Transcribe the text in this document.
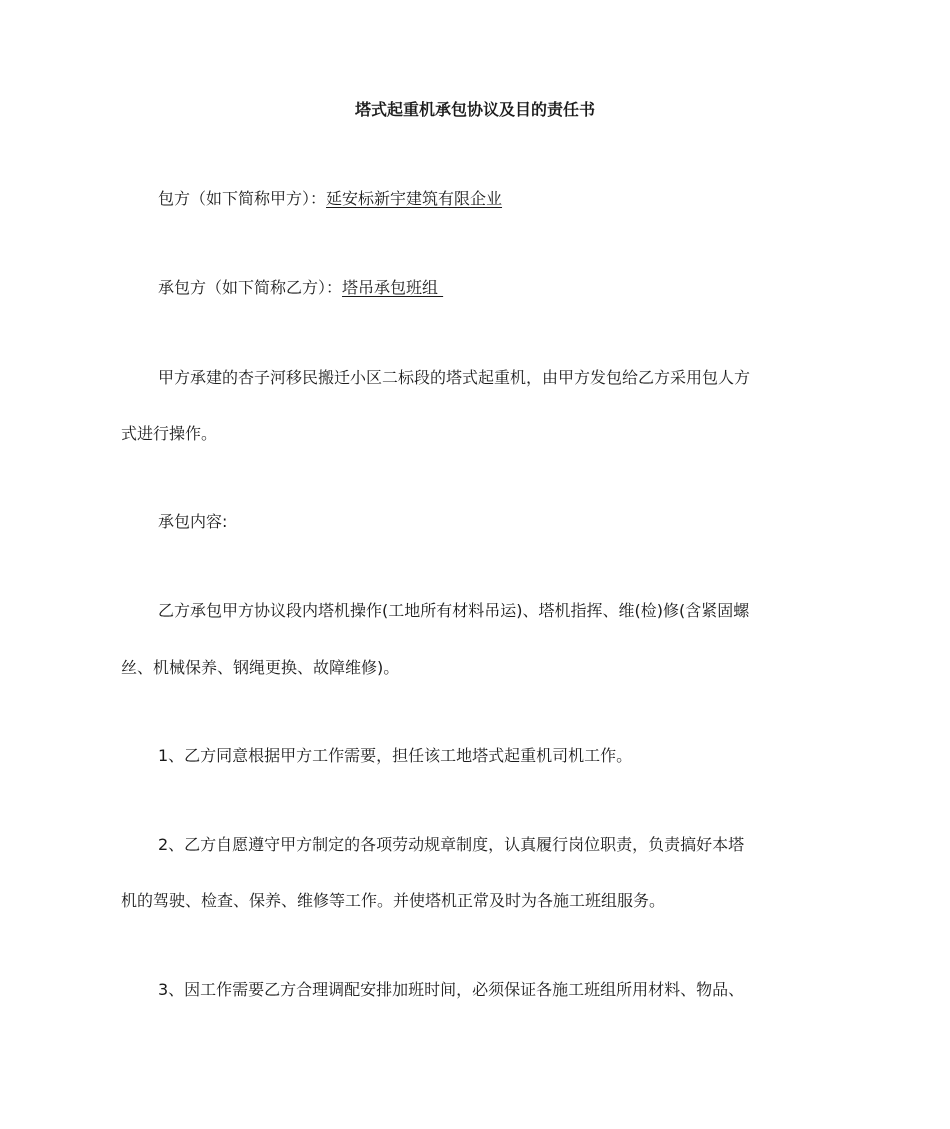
塔式起重机承包协议及目的责任书
包方（如下简称甲方）：延安标新宇建筑有限企业
承包方（如下简称乙方）：塔吊承包班组
甲方承建的杏子河移民搬迁小区二标段的塔式起重机，由甲方发包给乙方采用包人方
式进行操作。
承包内容:
乙方承包甲方协议段内塔机操作(工地所有材料吊运)、塔机指挥、维(检)修(含紧固螺
丝、机械保养、钢绳更换、故障维修)。
1、乙方同意根据甲方工作需要，担任该工地塔式起重机司机工作。
2、乙方自愿遵守甲方制定的各项劳动规章制度，认真履行岗位职责，负责搞好本塔
机的驾驶、检查、保养、维修等工作。并使塔机正常及时为各施工班组服务。
3、因工作需要乙方合理调配安排加班时间，必须保证各施工班组所用材料、物品、
